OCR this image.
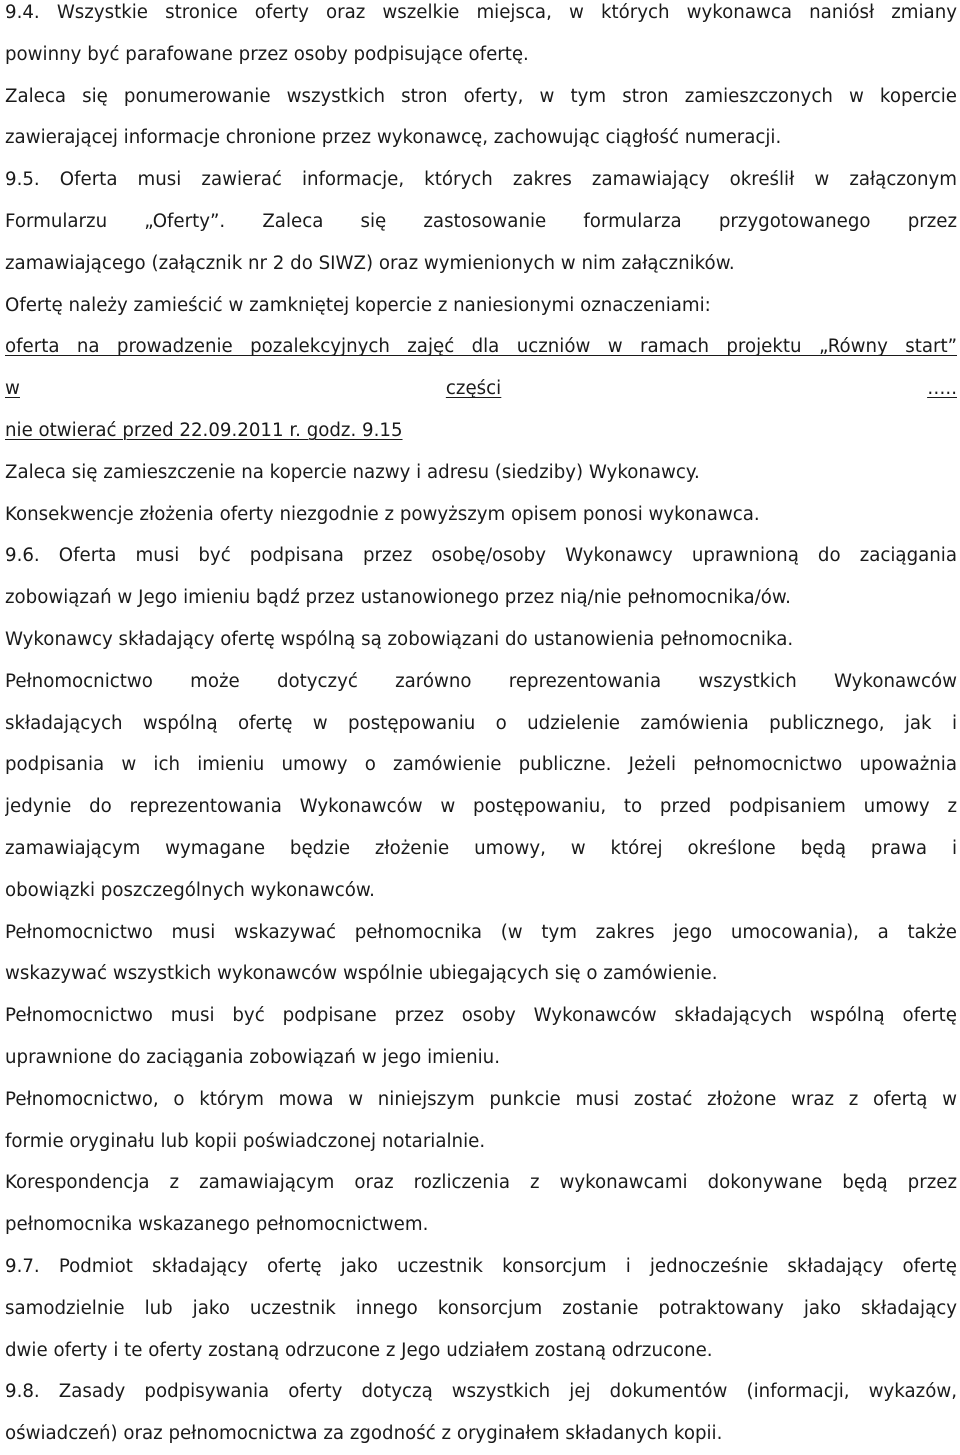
9.4. Wszystkie stronice oferty oraz wszelkie miejsca, w których wykonawca naniósł zmiany
powinny być parafowane przez osoby podpisujące ofertę.
Zaleca się ponumerowanie wszystkich stron oferty, w tym stron zamieszczonych w kopercie
zawierającej informacje chronione przez wykonawcę, zachowując ciągłość numeracji.
9.5. Oferta musi zawierać informacje, których zakres zamawiający określił w załączonym
Formularzu „Oferty”. Zaleca się zastosowanie formularza przygotowanego przez
zamawiającego (załącznik nr 2 do SIWZ) oraz wymienionych w nim załączników.
Ofertę należy zamieścić w zamkniętej kopercie z naniesionymi oznaczeniami:
oferta na prowadzenie pozalekcyjnych zajęć dla uczniów w ramach projektu „Równy start”
w	części	…..
nie otwierać przed 22.09.2011 r. godz. 9.15
Zaleca się zamieszczenie na kopercie nazwy i adresu (siedziby) Wykonawcy.
Konsekwencje złożenia oferty niezgodnie z powyższym opisem ponosi wykonawca.
9.6. Oferta musi być podpisana przez osobę/osoby Wykonawcy uprawnioną do zaciągania
zobowiązań w Jego imieniu bądź przez ustanowionego przez nią/nie pełnomocnika/ów.
Wykonawcy składający ofertę wspólną są zobowiązani do ustanowienia pełnomocnika.
Pełnomocnictwo może dotyczyć zarówno reprezentowania wszystkich Wykonawców
składających wspólną ofertę w postępowaniu o udzielenie zamówienia publicznego, jak i
podpisania w ich imieniu umowy o zamówienie publiczne. Jeżeli pełnomocnictwo upoważnia
jedynie do reprezentowania Wykonawców w postępowaniu, to przed podpisaniem umowy z
zamawiającym wymagane będzie złożenie umowy, w której określone będą prawa i
obowiązki poszczególnych wykonawców.
Pełnomocnictwo musi wskazywać pełnomocnika (w tym zakres jego umocowania), a także
wskazywać wszystkich wykonawców wspólnie ubiegających się o zamówienie.
Pełnomocnictwo musi być podpisane przez osoby Wykonawców składających wspólną ofertę
uprawnione do zaciągania zobowiązań w jego imieniu.
Pełnomocnictwo, o którym mowa w niniejszym punkcie musi zostać złożone wraz z ofertą w
formie oryginału lub kopii poświadczonej notarialnie.
Korespondencja z zamawiającym oraz rozliczenia z wykonawcami dokonywane będą przez
pełnomocnika wskazanego pełnomocnictwem.
9.7. Podmiot składający ofertę jako uczestnik konsorcjum i jednocześnie składający ofertę
samodzielnie lub jako uczestnik innego konsorcjum zostanie potraktowany jako składający
dwie oferty i te oferty zostaną odrzucone z Jego udziałem zostaną odrzucone.
9.8. Zasady podpisywania oferty dotyczą wszystkich jej dokumentów (informacji, wykazów,
oświadczeń) oraz pełnomocnictwa za zgodność z oryginałem składanych kopii.
